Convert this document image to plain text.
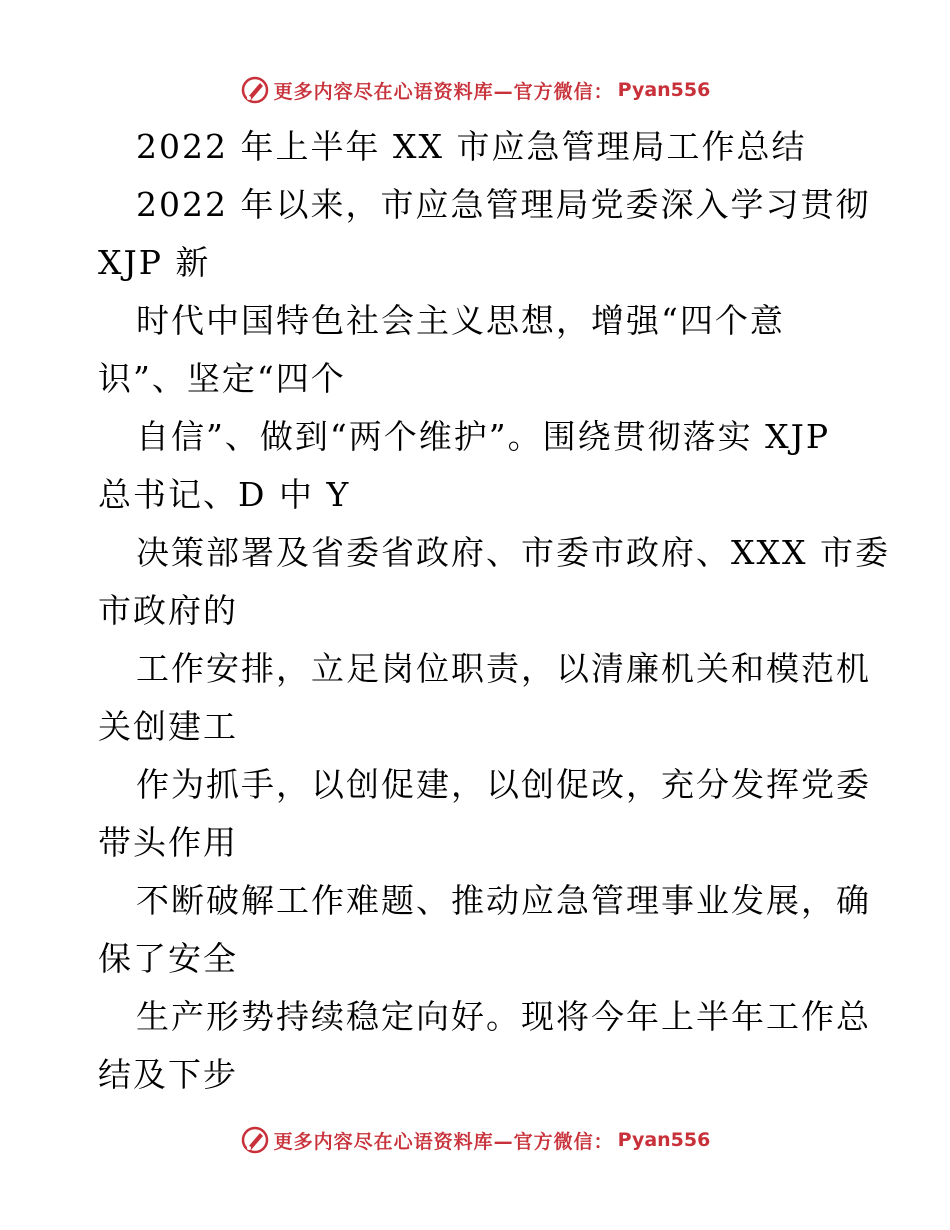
更多内容尽在心语资料库—官方微信： Pyan556
2022 年上半年 XX 市应急管理局工作总结
2022 年以来，市应急管理局党委深入学习贯彻
XJP 新
时代中国特色社会主义思想，增强“四个意
识”、坚定“四个
自信”、做到“两个维护”。围绕贯彻落实 XJP
总书记、D 中 Y
决策部署及省委省政府、市委市政府、XXX 市委
市政府的
工作安排，立足岗位职责，以清廉机关和模范机
关创建工
作为抓手，以创促建，以创促改，充分发挥党委
带头作用
不断破解工作难题、推动应急管理事业发展，确
保了安全
生产形势持续稳定向好。现将今年上半年工作总
结及下步
更多内容尽在心语资料库—官方微信： Pyan556
